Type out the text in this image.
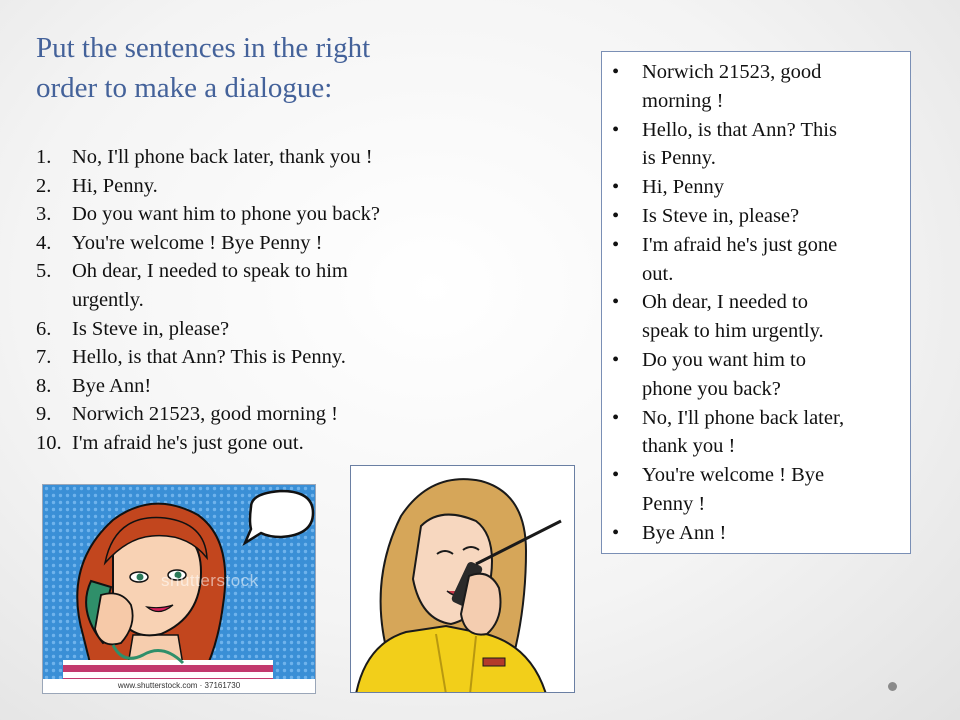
Put the sentences in the right
order to make a dialogue:
1. No, I'll phone back later, thank you !
2. Hi, Penny.
3. Do you want him to phone you back?
4. You're welcome ! Bye Penny !
5. Oh dear, I needed to speak to him
urgently.
6. Is Steve in, please?
7. Hello, is that Ann? This is Penny.
8. Bye Ann!
9. Norwich 21523, good morning !
10. I'm afraid he's just gone out.
• Norwich 21523, good
morning !
• Hello, is that Ann? This
is Penny.
• Hi, Penny
• Is Steve in, please?
• I'm afraid he's just gone
out.
• Oh dear, I needed to
speak to him urgently.
• Do you want him to
phone you back?
• No, I'll phone back later,
thank you !
• You're welcome ! Bye
Penny !
• Bye Ann !
shutterstock
www.shutterstock.com · 37161730
